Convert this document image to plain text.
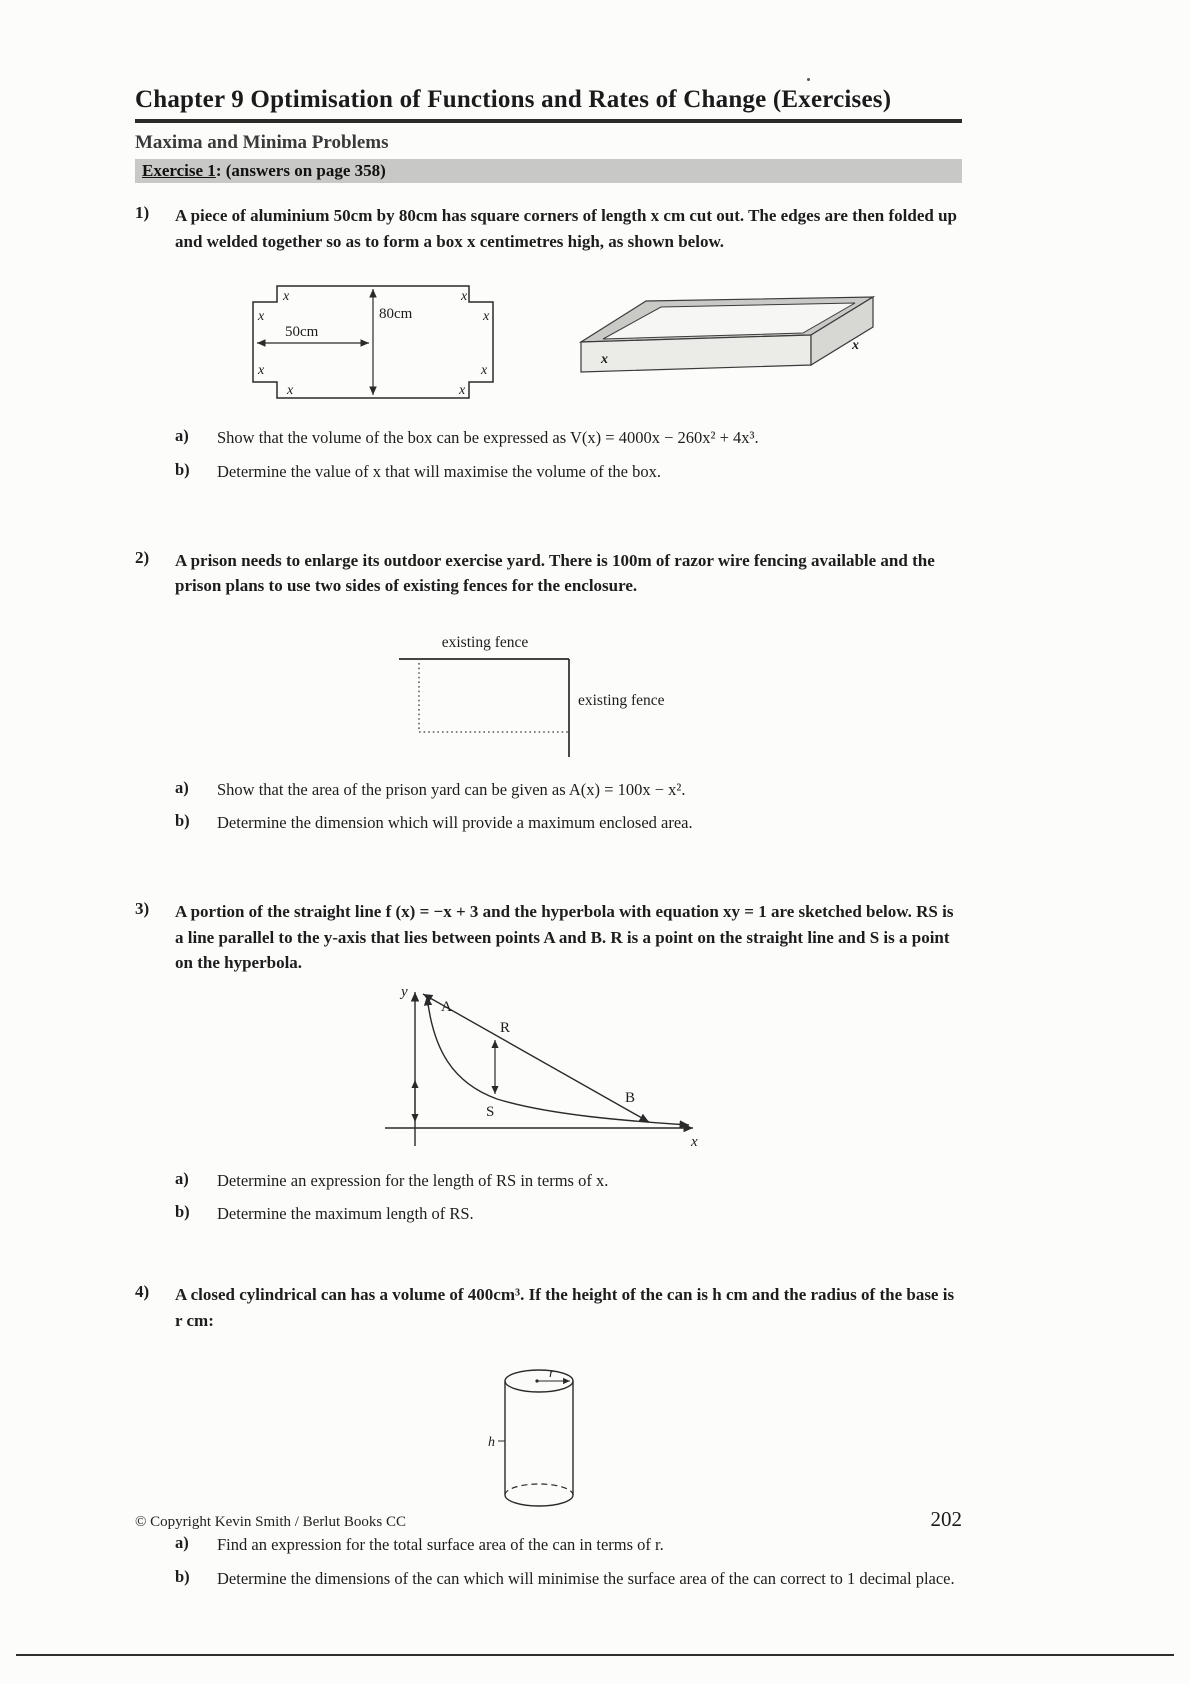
Chapter 9 Optimisation of Functions and Rates of Change (Exercises)
Maxima and Minima Problems
Exercise 1: (answers on page 358)
1)	A piece of aluminium 50cm by 80cm has square corners of length x cm cut out. The edges are then folded up and welded together so as to form a box x centimetres high, as shown below.

80cm
50cm
x
x
x
x
x
x
x
x
x
x
a)	Show that the volume of the box can be expressed as V(x) = 4000x − 260x² + 4x³.
b)	Determine the value of x that will maximise the volume of the box.
2)	A prison needs to enlarge its outdoor exercise yard. There is 100m of razor wire fencing available and the prison plans to use two sides of existing fences for the enclosure.

existing fence
existing fence
a)	Show that the area of the prison yard can be given as A(x) = 100x − x².
b)	Determine the dimension which will provide a maximum enclosed area.
3)	A portion of the straight line f (x) = −x + 3 and the hyperbola with equation xy = 1 are sketched below. RS is a line parallel to the y-axis that lies between points A and B. R is a point on the straight line and S is a point on the hyperbola.

y
x
A
R
B
S
a)	Determine an expression for the length of RS in terms of x.
b)	Determine the maximum length of RS.
4)	A closed cylindrical can has a volume of 400cm³. If the height of the can is h cm and the radius of the base is r cm:

r
h
a)	Find an expression for the total surface area of the can in terms of r.
b)	Determine the dimensions of the can which will minimise the surface area of the can correct to 1 decimal place.
© Copyright Kevin Smith / Berlut Books CC	202
